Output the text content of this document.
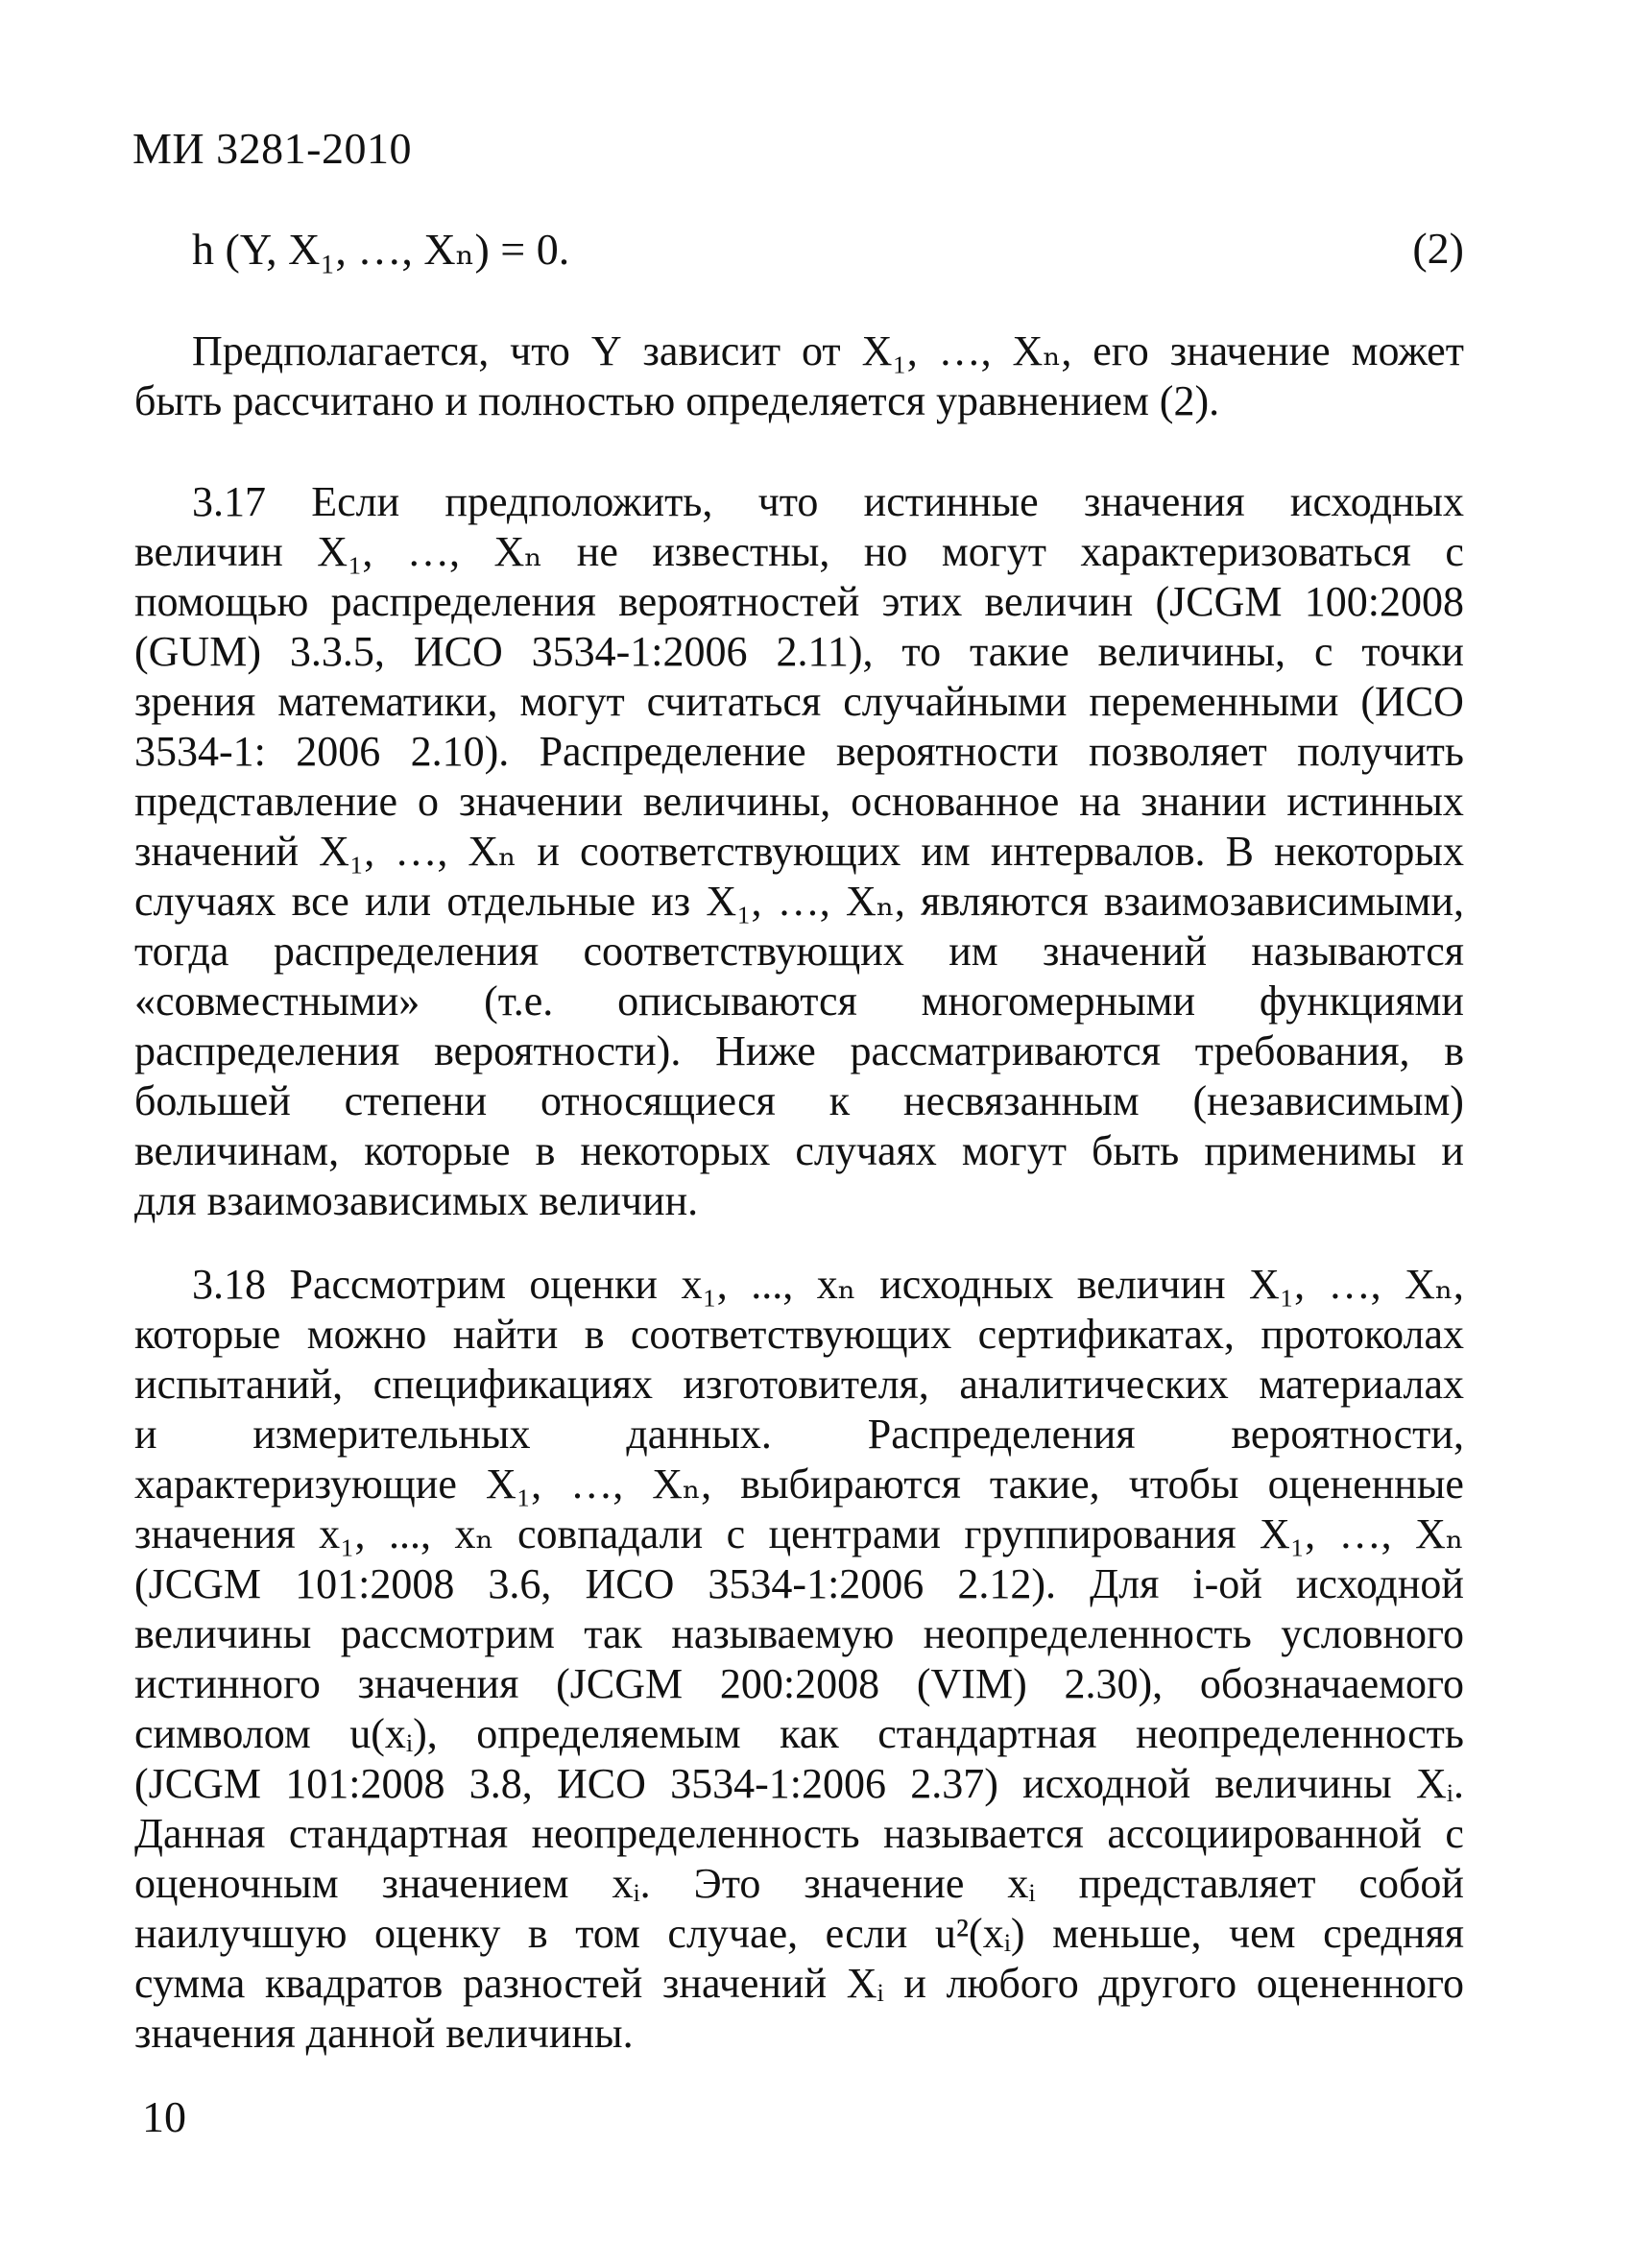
МИ 3281-2010
h (Y, X₁, …, Xₙ) = 0.	(2)
Предполагается, что Y зависит от X₁, …, Xₙ, его значение может
быть рассчитано и полностью определяется уравнением (2).
3.17 Если предположить, что истинные значения исходных
величин X₁, …, Xₙ не известны, но могут характеризоваться с
помощью распределения вероятностей этих величин (JCGM 100:2008
(GUM) 3.3.5, ИСО 3534-1:2006 2.11), то такие величины, с точки
зрения математики, могут считаться случайными переменными (ИСО
3534-1: 2006 2.10). Распределение вероятности позволяет получить
представление о значении величины, основанное на знании истинных
значений X₁, …, Xₙ и соответствующих им интервалов. В некоторых
случаях все или отдельные из X₁, …, Xₙ, являются взаимозависимыми,
тогда распределения соответствующих им значений называются
«совместными» (т.е. описываются многомерными функциями
распределения вероятности). Ниже рассматриваются требования, в
большей степени относящиеся к несвязанным (независимым)
величинам, которые в некоторых случаях могут быть применимы и
для взаимозависимых величин.
3.18 Рассмотрим оценки x₁, ..., xₙ исходных величин X₁, …, Xₙ,
которые можно найти в соответствующих сертификатах, протоколах
испытаний, спецификациях изготовителя, аналитических материалах
и измерительных данных. Распределения вероятности,
характеризующие X₁, …, Xₙ, выбираются такие, чтобы оцененные
значения x₁, ..., xₙ совпадали с центрами группирования X₁, …, Xₙ
(JCGM 101:2008 3.6, ИСО 3534-1:2006 2.12). Для i-ой исходной
величины рассмотрим так называемую неопределенность условного
истинного значения (JCGM 200:2008 (VIM) 2.30), обозначаемого
символом u(xᵢ), определяемым как стандартная неопределенность
(JCGM 101:2008 3.8, ИСО 3534-1:2006 2.37) исходной величины Xᵢ.
Данная стандартная неопределенность называется ассоциированной с
оценочным значением xᵢ. Это значение xᵢ представляет собой
наилучшую оценку в том случае, если u²(xᵢ) меньше, чем средняя
сумма квадратов разностей значений Xᵢ и любого другого оцененного
значения данной величины.
10
